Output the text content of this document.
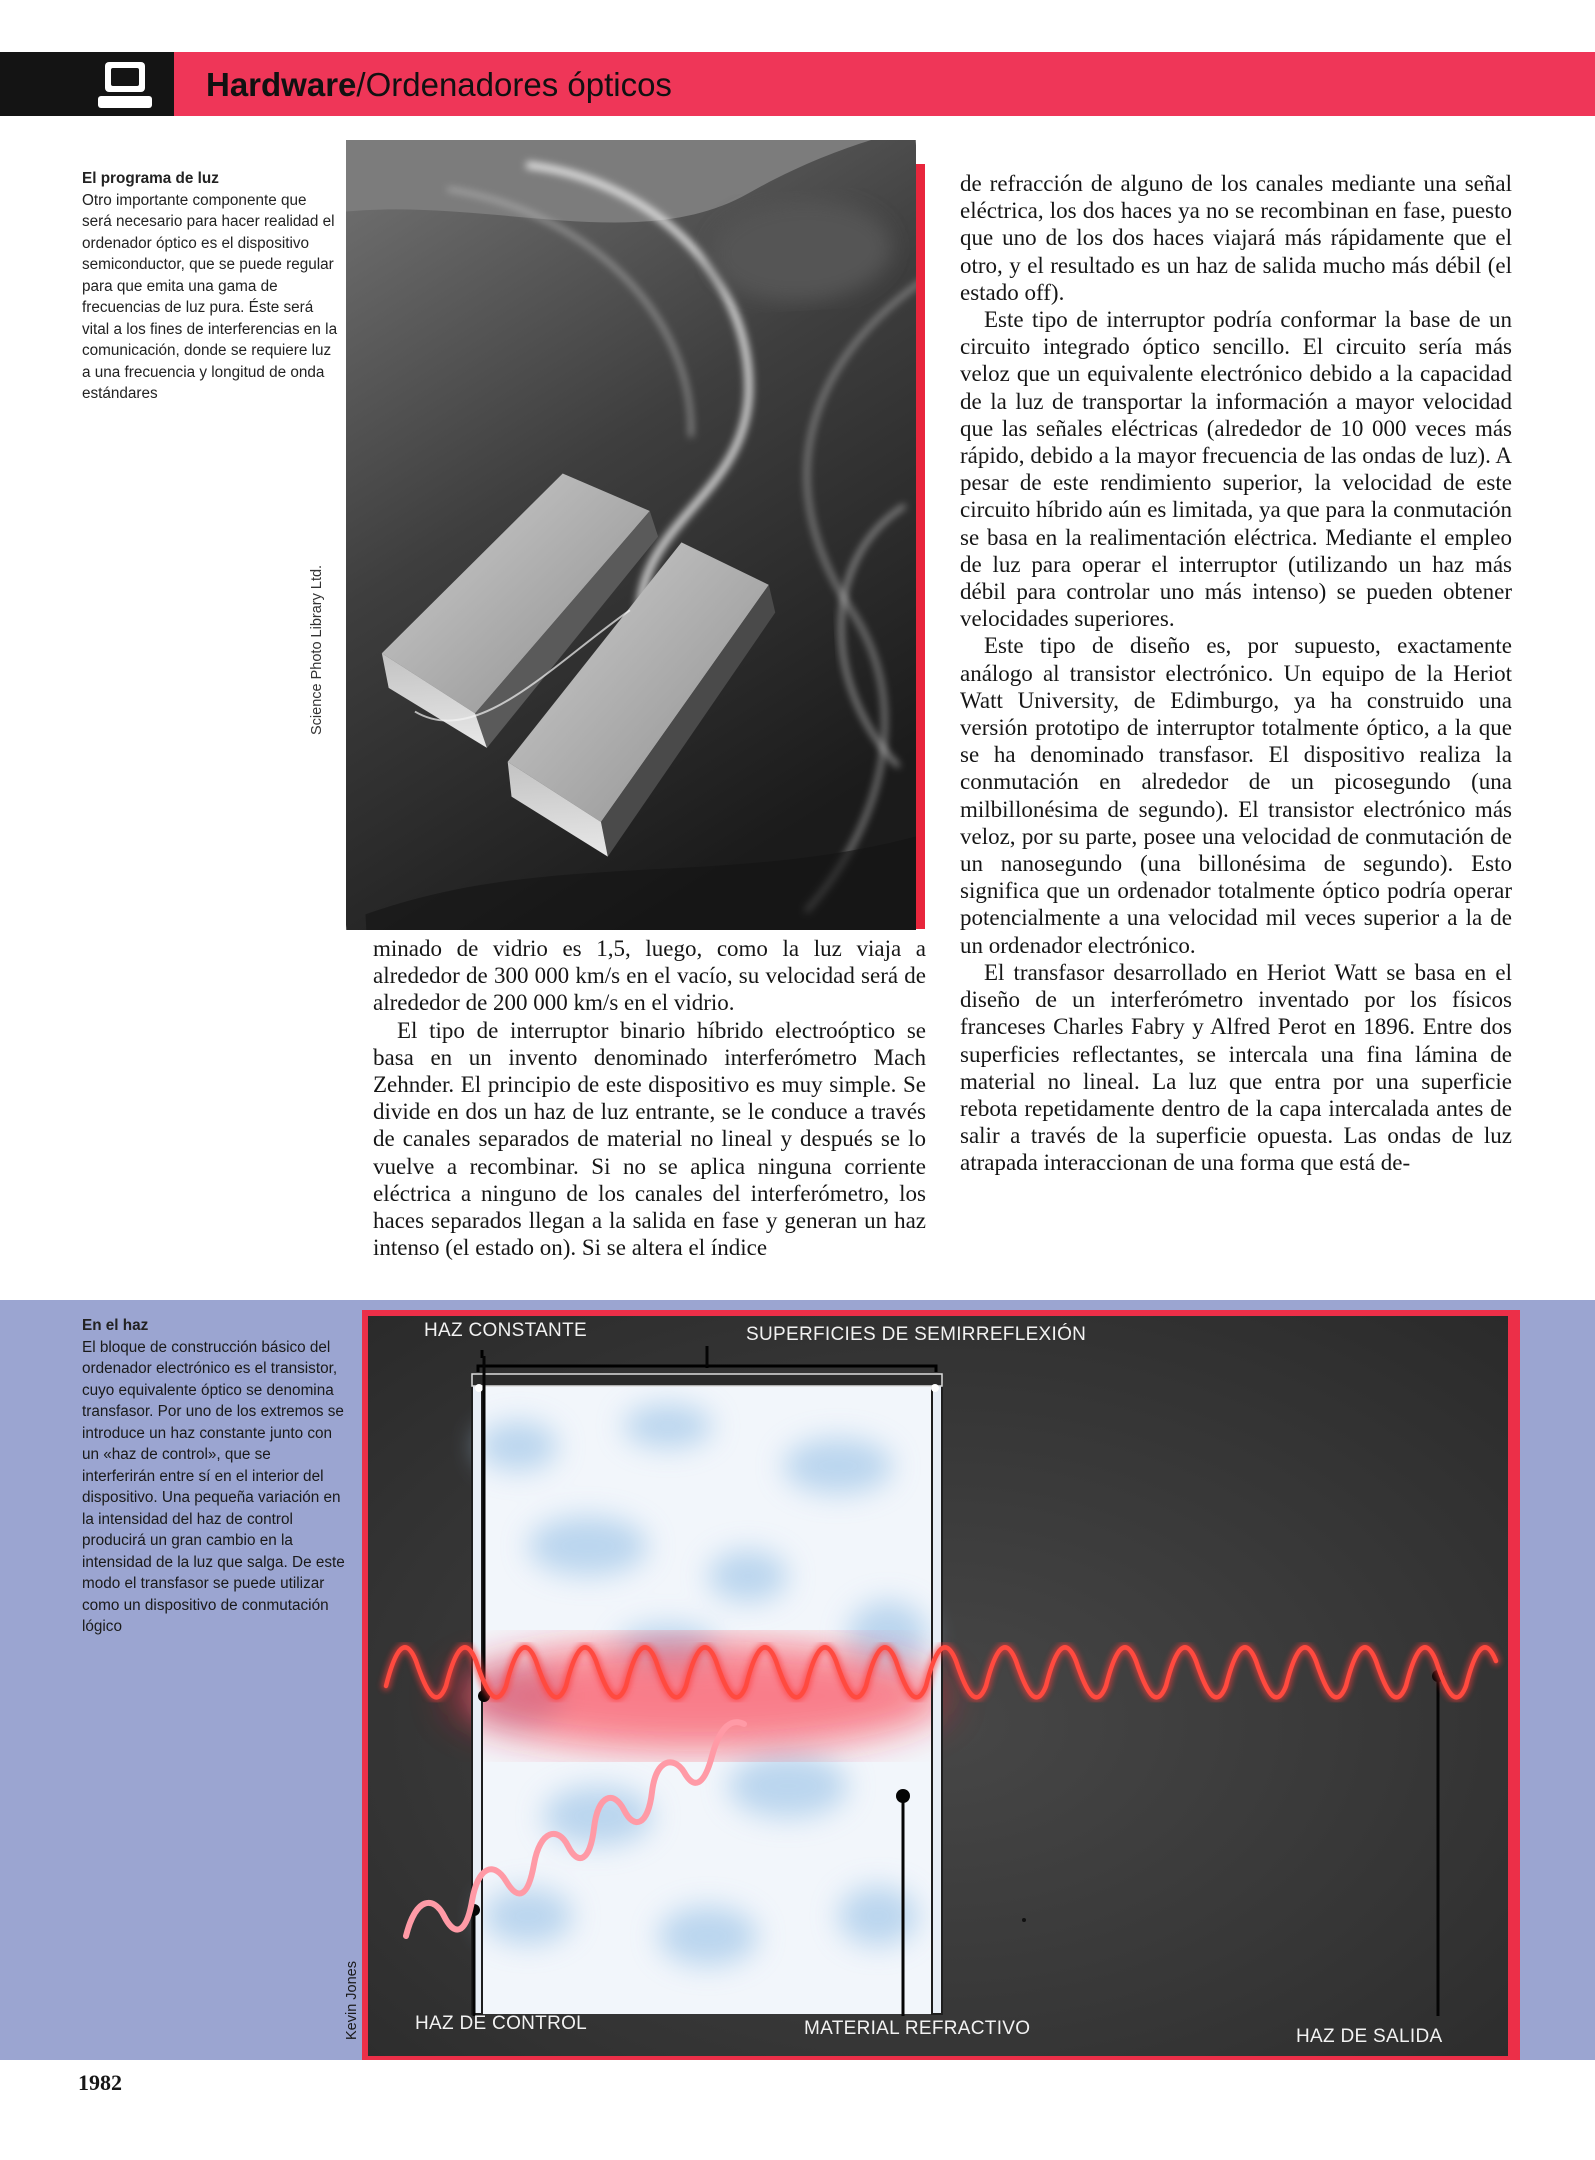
Hardware/Ordenadores ópticos
El programa de luz
Otro importante componente que será necesario para hacer realidad el ordenador óptico es el dispositivo semiconductor, que se puede regular para que emita una gama de frecuencias de luz pura. Éste será vital a los fines de interferencias en la comunicación, donde se requiere luz a una frecuencia y longitud de onda estándares
Science Photo Library Ltd.

de refracción de alguno de los canales mediante una señal eléctrica, los dos haces ya no se recombinan en fase, puesto que uno de los dos haces viajará más rápidamente que el otro, y el resultado es un haz de salida mucho más débil (el estado off).

Este tipo de interruptor podría conformar la base de un circuito integrado óptico sencillo. El circuito sería más veloz que un equivalente electrónico debido a la capacidad de la luz de transportar la información a mayor velocidad que las señales eléctricas (alrededor de 10 000 veces más rápido, debido a la mayor frecuencia de las ondas de luz). A pesar de este rendimiento superior, la velocidad de este circuito híbrido aún es limitada, ya que para la conmutación se basa en la realimentación eléctrica. Mediante el empleo de luz para operar el interruptor (utilizando un haz más débil para controlar uno más intenso) se pueden obtener velocidades superiores.

Este tipo de diseño es, por supuesto, exactamente análogo al transistor electrónico. Un equipo de la Heriot Watt University, de Edimburgo, ya ha construido una versión prototipo de interruptor totalmente óptico, a la que se ha denominado transfasor. El dispositivo realiza la conmutación en alrededor de un picosegundo (una milbillonésima de segundo). El transistor electrónico más veloz, por su parte, posee una velocidad de conmutación de un nanosegundo (una billonésima de segundo). Esto significa que un ordenador totalmente óptico podría operar potencialmente a una velocidad mil veces superior a la de un ordenador electrónico.

El transfasor desarrollado en Heriot Watt se basa en el diseño de un interferómetro inventado por los físicos franceses Charles Fabry y Alfred Perot en 1896. Entre dos superficies reflectantes, se intercala una fina lámina de material no lineal. La luz que entra por una superficie rebota repetidamente dentro de la capa intercalada antes de salir a través de la superficie opuesta. Las ondas de luz atrapada interaccionan de una forma que está de-

minado de vidrio es 1,5, luego, como la luz viaja a alrededor de 300 000 km/s en el vacío, su velocidad será de alrededor de 200 000 km/s en el vidrio.

El tipo de interruptor binario híbrido electroóptico se basa en un invento denominado interferómetro Mach Zehnder. El principio de este dispositivo es muy simple. Se divide en dos un haz de luz entrante, se le conduce a través de canales separados de material no lineal y después se lo vuelve a recombinar. Si no se aplica ninguna corriente eléctrica a ninguno de los canales del interferómetro, los haces separados llegan a la salida en fase y generan un haz intenso (el estado on). Si se altera el índice

En el haz
El bloque de construcción básico del ordenador electrónico es el transistor, cuyo equivalente óptico se denomina transfasor. Por uno de los extremos se introduce un haz constante junto con un «haz de control», que se interferirán entre sí en el interior del dispositivo. Una pequeña variación en la intensidad del haz de control producirá un gran cambio en la intensidad de la luz que salga. De este modo el transfasor se puede utilizar como un dispositivo de conmutación lógico
HAZ CONSTANTE	SUPERFICIES DE SEMIRREFLEXIÓN
HAZ DE CONTROL	MATERIAL REFRACTIVO	HAZ DE SALIDA
Kevin Jones
1982
